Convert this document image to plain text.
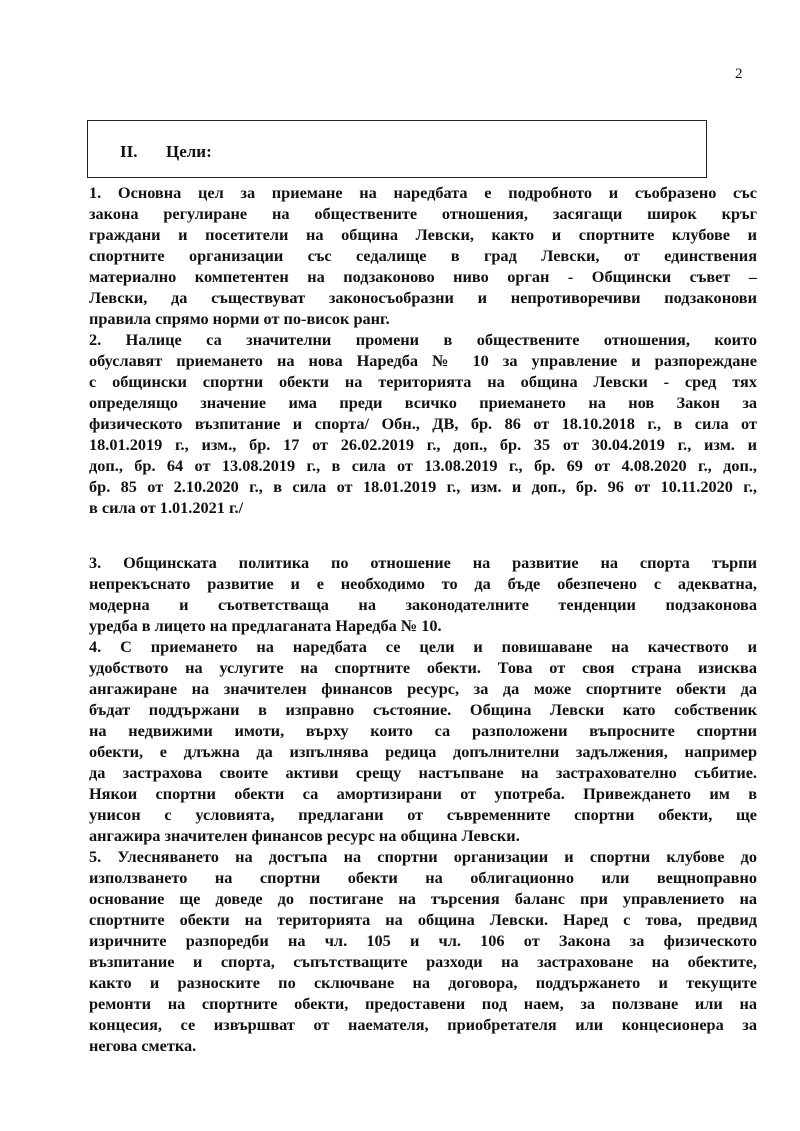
2
II. Цели:
1. Основна цел за приемане на наредбата е подробното и съобразено със
закона регулиране на обществените отношения, засягащи широк кръг
граждани и посетители на община Левски, както и спортните клубове и
спортните организации със седалище в град Левски, от единствения
материално компетентен на подзаконово ниво орган - Общински съвет –
Левски, да съществуват законосъобразни и непротиворечиви подзаконови
правила спрямо норми от по-висок ранг.
2. Налице са значителни промени в обществените отношения, които
обуславят приемането на нова Наредба № 10 за управление и разпореждане
с общински спортни обекти на територията на община Левски - сред тях
определящо значение има преди всичко приемането на нов Закон за
физическото възпитание и спорта/ Обн., ДВ, бр. 86 от 18.10.2018 г., в сила от
18.01.2019 г., изм., бр. 17 от 26.02.2019 г., доп., бр. 35 от 30.04.2019 г., изм. и
доп., бр. 64 от 13.08.2019 г., в сила от 13.08.2019 г., бр. 69 от 4.08.2020 г., доп.,
бр. 85 от 2.10.2020 г., в сила от 18.01.2019 г., изм. и доп., бр. 96 от 10.11.2020 г.,
в сила от 1.01.2021 г./
3. Общинската политика по отношение на развитие на спорта търпи
непрекъснато развитие и е необходимо то да бъде обезпечено с адекватна,
модерна и съответстваща на законодателните тенденции подзаконова
уредба в лицето на предлаганата Наредба № 10.
4. С приемането на наредбата се цели и повишаване на качеството и
удобството на услугите на спортните обекти. Това от своя страна изисква
ангажиране на значителен финансов ресурс, за да може спортните обекти да
бъдат поддържани в изправно състояние. Община Левски като собственик
на недвижими имоти, върху които са разположени въпросните спортни
обекти, е длъжна да изпълнява редица допълнителни задължения, например
да застрахова своите активи срещу настъпване на застрахователно събитие.
Някои спортни обекти са амортизирани от употреба. Привеждането им в
унисон с условията, предлагани от съвременните спортни обекти, ще
ангажира значителен финансов ресурс на община Левски.
5. Улесняването на достъпа на спортни организации и спортни клубове до
използването на спортни обекти на облигационно или вещноправно
основание ще доведе до постигане на търсения баланс при управлението на
спортните обекти на територията на община Левски. Наред с това, предвид
изричните разпоредби на чл. 105 и чл. 106 от Закона за физическото
възпитание и спорта, съпътстващите разходи на застраховане на обектите,
както и разноските по сключване на договора, поддържането и текущите
ремонти на спортните обекти, предоставени под наем, за ползване или на
концесия, се извършват от наемателя, приобретателя или концесионера за
негова сметка.
